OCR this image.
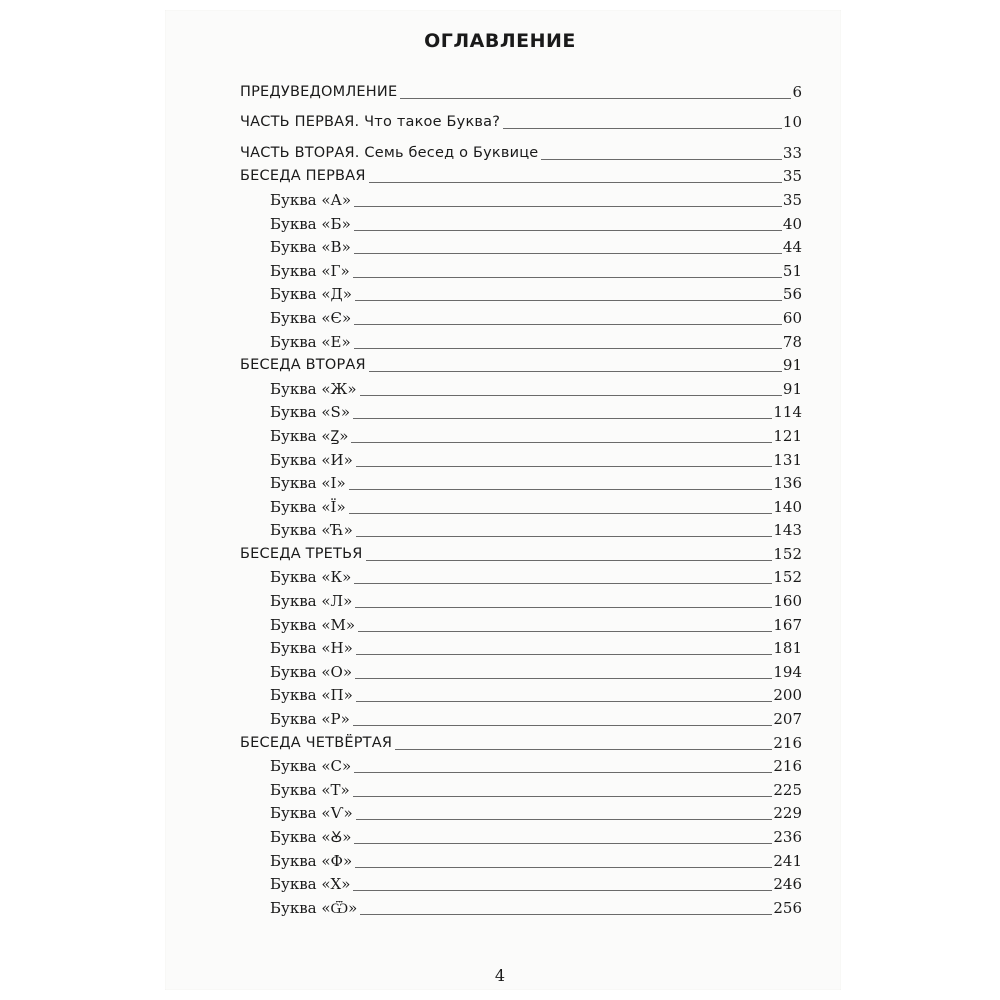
ОГЛАВЛЕНИЕ
ПРЕДУВЕДОМЛЕНИЕ	6
ЧАСТЬ ПЕРВАЯ. Что такое Буква?	10
ЧАСТЬ ВТОРАЯ. Семь бесед о Буквице	33
БЕСЕДА ПЕРВАЯ	35
Буква «А»	35
Буква «Б»	40
Буква «В»	44
Буква «Г»	51
Буква «Д»	56
Буква «Є»	60
Буква «Е»	78
БЕСЕДА ВТОРАЯ	91
Буква «Ж»	91
Буква «Ѕ»	114
Буква «Ꙁ»	121
Буква «И»	131
Буква «І»	136
Буква «Ї»	140
Буква «Ћ»	143
БЕСЕДА ТРЕТЬЯ	152
Буква «К»	152
Буква «Л»	160
Буква «М»	167
Буква «Н»	181
Буква «О»	194
Буква «П»	200
Буква «Р»	207
БЕСЕДА ЧЕТВЁРТАЯ	216
Буква «С»	216
Буква «Т»	225
Буква «Ѵ»	229
Буква «Ꙋ»	236
Буква «Ф»	241
Буква «Х»	246
Буква «Ѿ»	256
4
